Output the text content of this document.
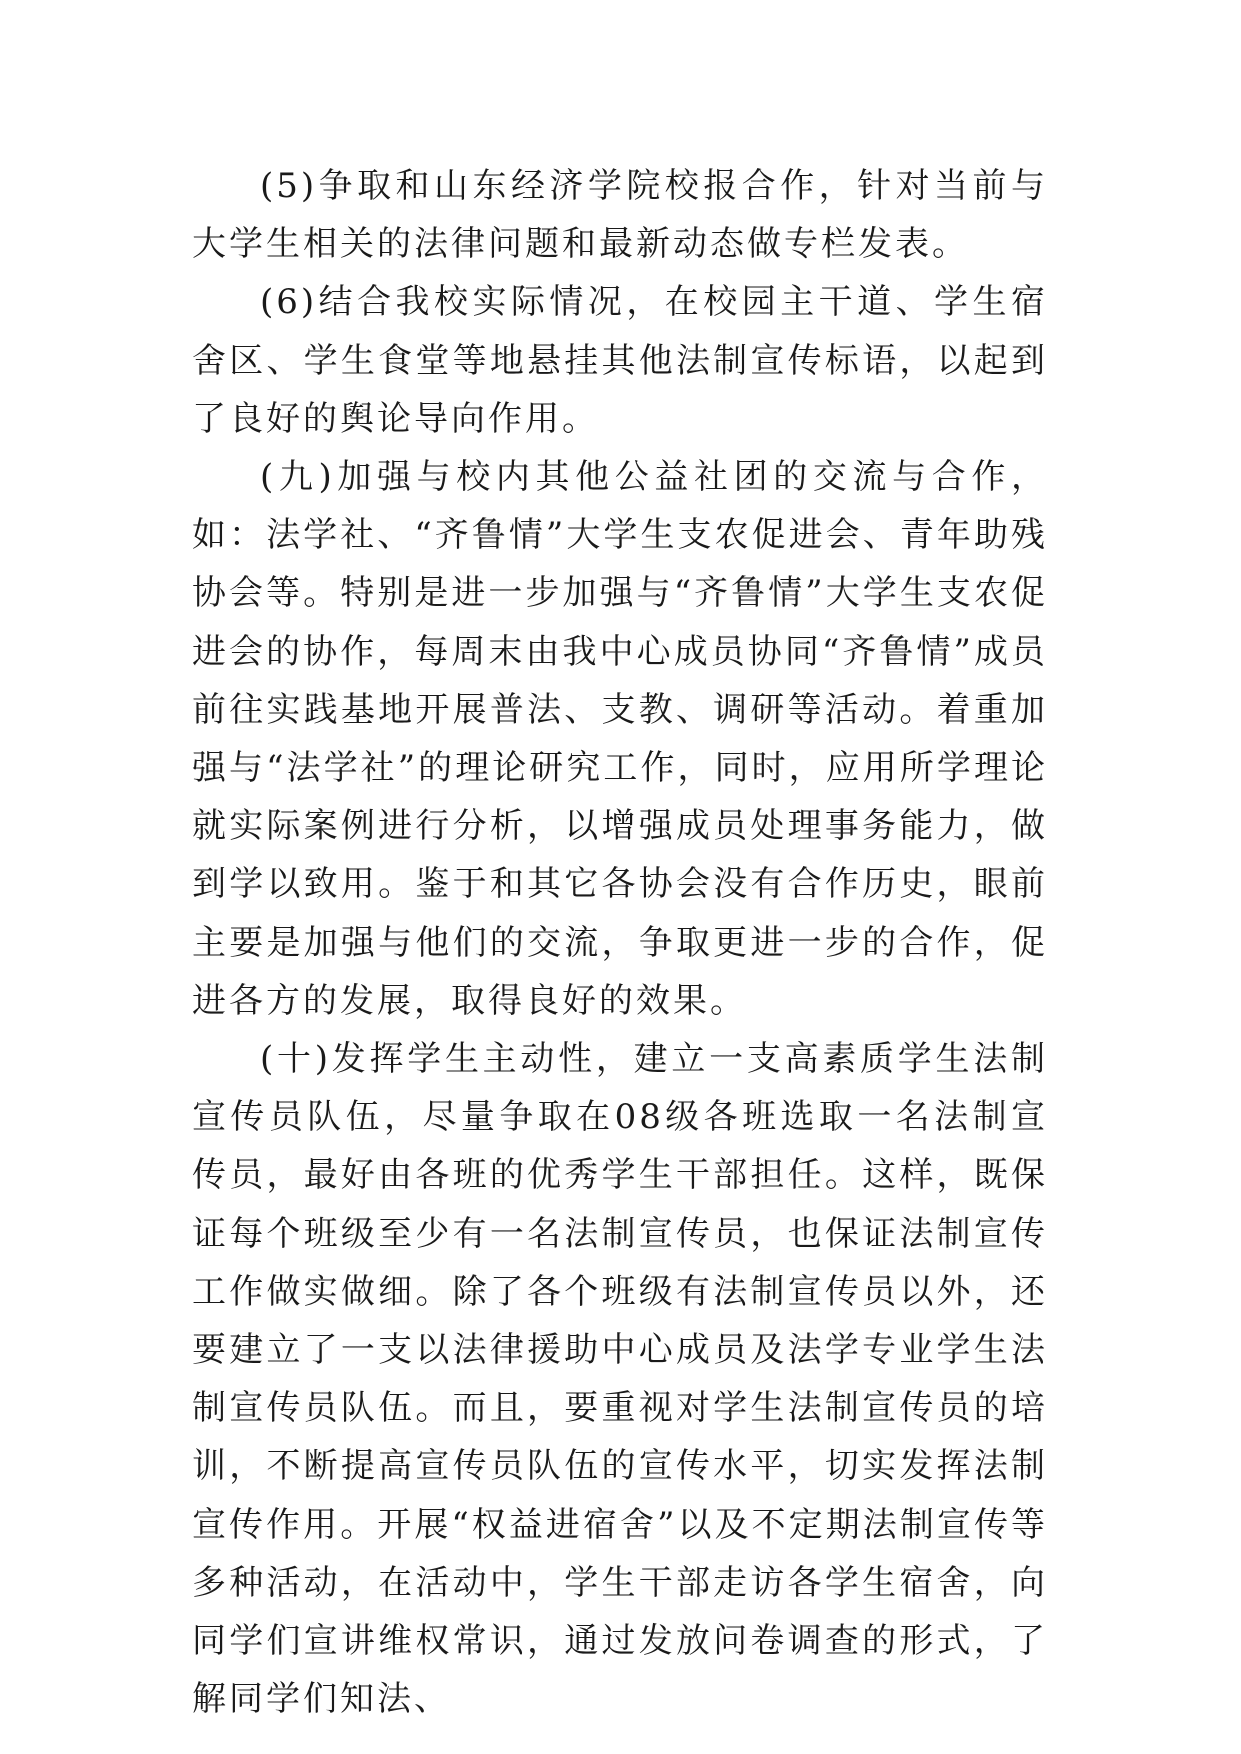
(5)争取和山东经济学院校报合作，针对当前与大学生相关的法律问题和最新动态做专栏发表。

(6)结合我校实际情况，在校园主干道、学生宿舍区、学生食堂等地悬挂其他法制宣传标语，以起到了良好的舆论导向作用。

(九)加强与校内其他公益社团的交流与合作，如：法学社、“齐鲁情”大学生支农促进会、青年助残协会等。特别是进一步加强与“齐鲁情”大学生支农促进会的协作，每周末由我中心成员协同“齐鲁情”成员前往实践基地开展普法、支教、调研等活动。着重加强与“法学社”的理论研究工作，同时，应用所学理论就实际案例进行分析，以增强成员处理事务能力，做到学以致用。鉴于和其它各协会没有合作历史，眼前主要是加强与他们的交流，争取更进一步的合作，促进各方的发展，取得良好的效果。

(十)发挥学生主动性，建立一支高素质学生法制宣传员队伍，尽量争取在08级各班选取一名法制宣传员，最好由各班的优秀学生干部担任。这样，既保证每个班级至少有一名法制宣传员，也保证法制宣传工作做实做细。除了各个班级有法制宣传员以外，还要建立了一支以法律援助中心成员及法学专业学生法制宣传员队伍。而且，要重视对学生法制宣传员的培训，不断提高宣传员队伍的宣传水平，切实发挥法制宣传作用。开展“权益进宿舍”以及不定期法制宣传等多种活动，在活动中，学生干部走访各学生宿舍，向同学们宣讲维权常识，通过发放问卷调查的形式，了解同学们知法、
